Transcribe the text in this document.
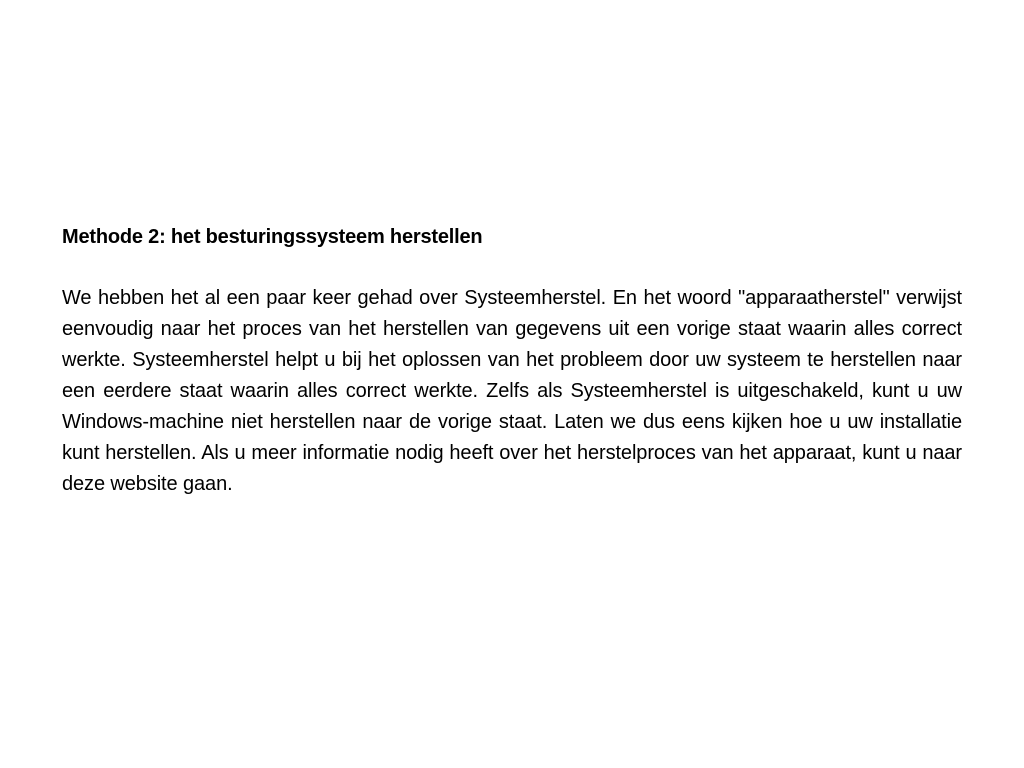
Methode 2: het besturingssysteem herstellen

We hebben het al een paar keer gehad over Systeemherstel. En het woord "apparaatherstel" verwijst eenvoudig naar het proces van het herstellen van gegevens uit een vorige staat waarin alles correct werkte. Systeemherstel helpt u bij het oplossen van het probleem door uw systeem te herstellen naar een eerdere staat waarin alles correct werkte. Zelfs als Systeemherstel is uitgeschakeld, kunt u uw Windows-machine niet herstellen naar de vorige staat. Laten we dus eens kijken hoe u uw installatie kunt herstellen. Als u meer informatie nodig heeft over het herstelproces van het apparaat, kunt u naar deze website gaan.
